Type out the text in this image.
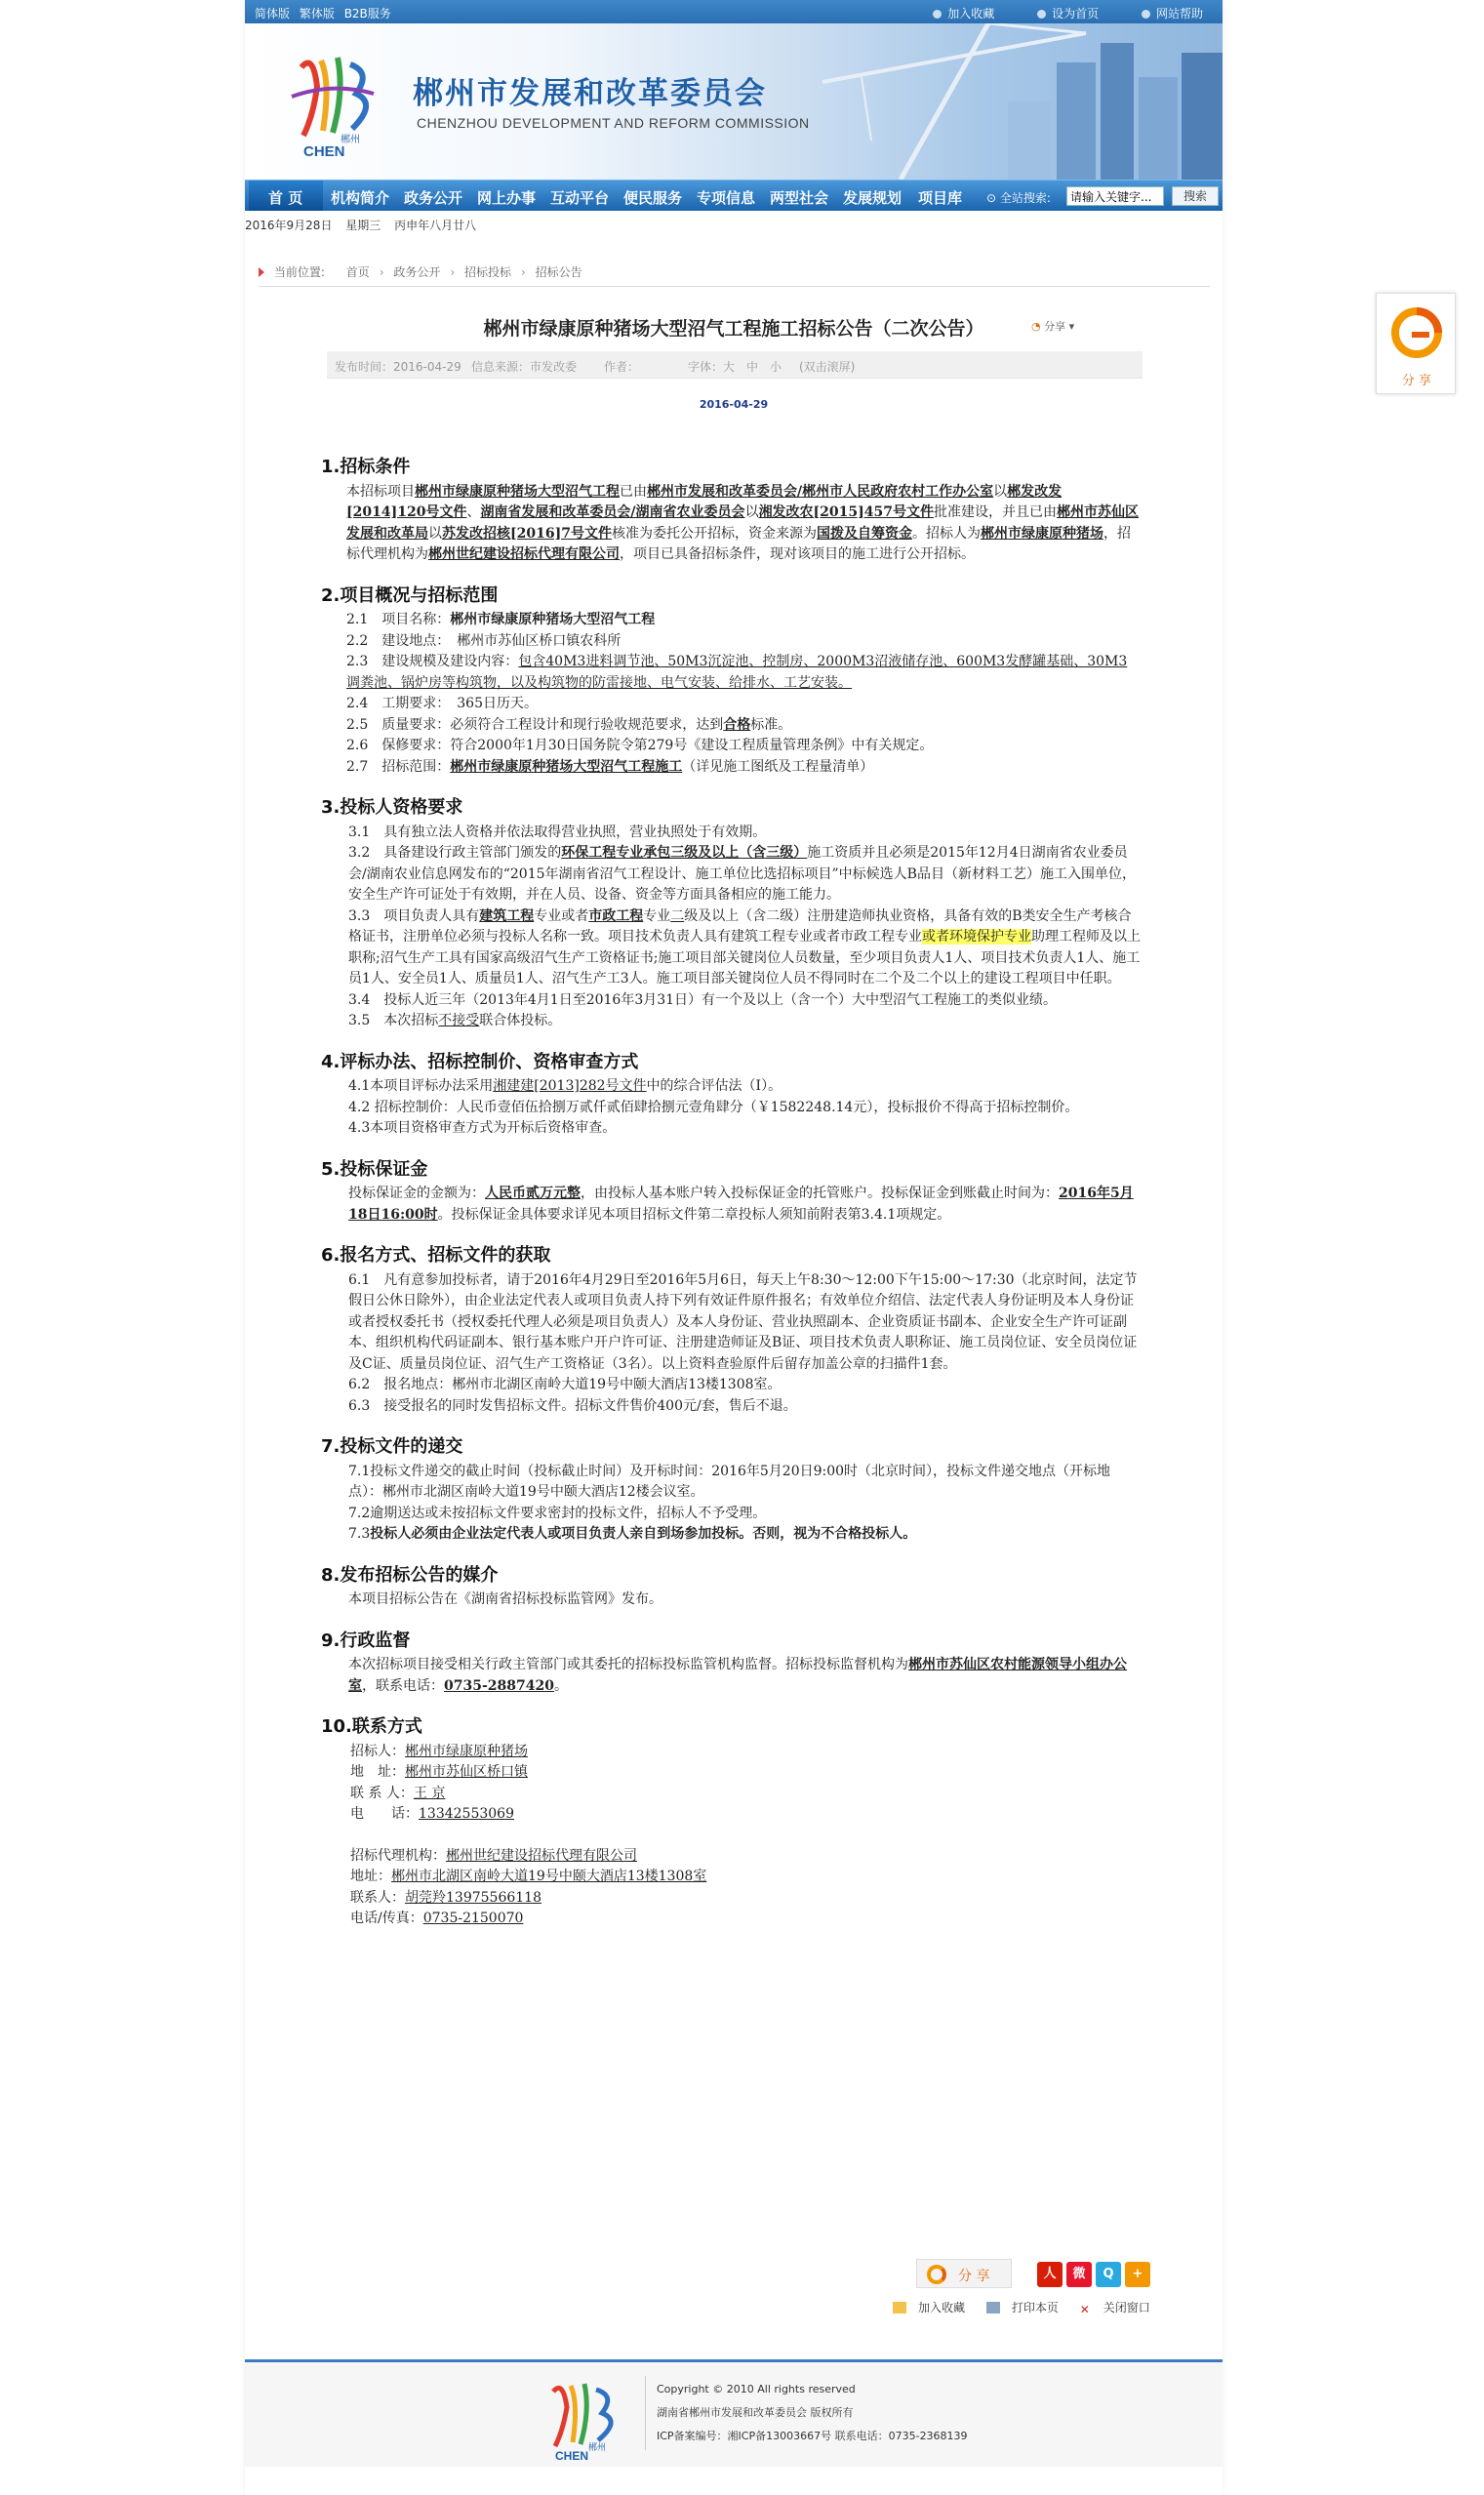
简体版 繁体版 B2B服务	加入收藏	设为首页	网站帮助
郴州
CHEN
郴州市发展和改革委员会
CHENZHOU DEVELOPMENT AND REFORM COMMISSION
首 页 机构简介 政务公开 网上办事 互动平台 便民服务 专项信息 两型社会 发展规划 项目库 ⊙ 全站搜索:
请输入关键字...	搜索
2016年9月28日 星期三 丙申年八月廿八
当前位置: 首页 › 政务公开 › 招标投标 › 招标公告
郴州市绿康原种猪场大型沼气工程施工招标公告（二次公告）	◔ 分享 ▾
发布时间：2016-04-29 信息来源：市发改委 作者：	字体： 大 中 小 (双击滚屏)
2016-04-29
1.招标条件

本招标项目郴州市绿康原种猪场大型沼气工程已由郴州市发展和改革委员会/郴州市人民政府农村工作办公室以郴发改发[2014]120号文件、湖南省发展和改革委员会/湖南省农业委员会以湘发改农[2015]457号文件批准建设，并且已由郴州市苏仙区发展和改革局以苏发改招核[2016]7号文件核准为委托公开招标，资金来源为国拨及自筹资金。招标人为郴州市绿康原种猪场，招标代理机构为郴州世纪建设招标代理有限公司，项目已具备招标条件，现对该项目的施工进行公开招标。

2.项目概况与招标范围

2.1　项目名称：郴州市绿康原种猪场大型沼气工程

2.2　建设地点：　郴州市苏仙区桥口镇农科所

2.3　建设规模及建设内容：包含40M3进料调节池、50M3沉淀池、控制房、2000M3沼液储存池、600M3发酵罐基础、30M3调粪池、锅炉房等构筑物，以及构筑物的防雷接地、电气安装、给排水、工艺安装。

2.4　工期要求：　365日历天。

2.5　质量要求：必须符合工程设计和现行验收规范要求，达到合格标准。

2.6　保修要求：符合2000年1月30日国务院令第279号《建设工程质量管理条例》中有关规定。

2.7　招标范围：郴州市绿康原种猪场大型沼气工程施工（详见施工图纸及工程量清单）

3.投标人资格要求

3.1　具有独立法人资格并依法取得营业执照，营业执照处于有效期。

3.2　具备建设行政主管部门颁发的环保工程专业承包三级及以上（含三级）施工资质并且必须是2015年12月4日湖南省农业委员会/湖南农业信息网发布的“2015年湖南省沼气工程设计、施工单位比选招标项目”中标候选人B品目（新材料工艺）施工入围单位，安全生产许可证处于有效期，并在人员、设备、资金等方面具备相应的施工能力。

3.3　项目负责人具有建筑工程专业或者市政工程专业二级及以上（含二级）注册建造师执业资格，具备有效的B类安全生产考核合格证书，注册单位必须与投标人名称一致。项目技术负责人具有建筑工程专业或者市政工程专业或者环境保护专业助理工程师及以上职称;沼气生产工具有国家高级沼气生产工资格证书;施工项目部关键岗位人员数量，至少项目负责人1人、项目技术负责人1人、施工员1人、安全员1人、质量员1人、沼气生产工3人。施工项目部关键岗位人员不得同时在二个及二个以上的建设工程项目中任职。

3.4　投标人近三年（2013年4月1日至2016年3月31日）有一个及以上（含一个）大中型沼气工程施工的类似业绩。

3.5　本次招标不接受联合体投标。

4.评标办法、招标控制价、资格审查方式

4.1本项目评标办法采用湘建建[2013]282号文件中的综合评估法（Ⅰ）。

4.2 招标控制价：人民币壹佰伍拾捌万贰仟贰佰肆拾捌元壹角肆分（￥1582248.14元），投标报价不得高于招标控制价。

4.3本项目资格审查方式为开标后资格审查。

5.投标保证金

投标保证金的金额为：人民币贰万元整，由投标人基本账户转入投标保证金的托管账户。投标保证金到账截止时间为：2016年5月18日16:00时。投标保证金具体要求详见本项目招标文件第二章投标人须知前附表第3.4.1项规定。

6.报名方式、招标文件的获取

6.1　凡有意参加投标者，请于2016年4月29日至2016年5月6日，每天上午8:30～12:00下午15:00～17:30（北京时间，法定节假日公休日除外），由企业法定代表人或项目负责人持下列有效证件原件报名；有效单位介绍信、法定代表人身份证明及本人身份证或者授权委托书（授权委托代理人必须是项目负责人）及本人身份证、营业执照副本、企业资质证书副本、企业安全生产许可证副本、组织机构代码证副本、银行基本账户开户许可证、注册建造师证及B证、项目技术负责人职称证、施工员岗位证、安全员岗位证及C证、质量员岗位证、沼气生产工资格证（3名）。以上资料查验原件后留存加盖公章的扫描件1套。

6.2　报名地点：郴州市北湖区南岭大道19号中颐大酒店13楼1308室。

6.3　接受报名的同时发售招标文件。招标文件售价400元/套，售后不退。

7.投标文件的递交

7.1投标文件递交的截止时间（投标截止时间）及开标时间：2016年5月20日9:00时（北京时间），投标文件递交地点（开标地点）：郴州市北湖区南岭大道19号中颐大酒店12楼会议室。

7.2逾期送达或未按招标文件要求密封的投标文件，招标人不予受理。

7.3投标人必须由企业法定代表人或项目负责人亲自到场参加投标。否则，视为不合格投标人。

8.发布招标公告的媒介

本项目招标公告在《湖南省招标投标监管网》发布。

9.行政监督

本次招标项目接受相关行政主管部门或其委托的招标投标监管机构监督。招标投标监督机构为郴州市苏仙区农村能源领导小组办公室，联系电话：0735-2887420。

10.联系方式

招标人：郴州市绿康原种猪场

地　址：郴州市苏仙区桥口镇

联 系 人：王 京

电　　话：13342553069

招标代理机构：郴州世纪建设招标代理有限公司

地址：郴州市北湖区南岭大道19号中颐大酒店13楼1308室

联系人：胡莞羚13975566118

电话/传真：0735-2150070

分 享	人	微	Q	+
加入收藏	打印本页 ✕ 关闭窗口
郴州
CHEN
Copyright © 2010 All rights reserved
湖南省郴州市发展和改革委员会 版权所有
ICP备案编号：湘ICP备13003667号 联系电话：0735-2368139
分 享
